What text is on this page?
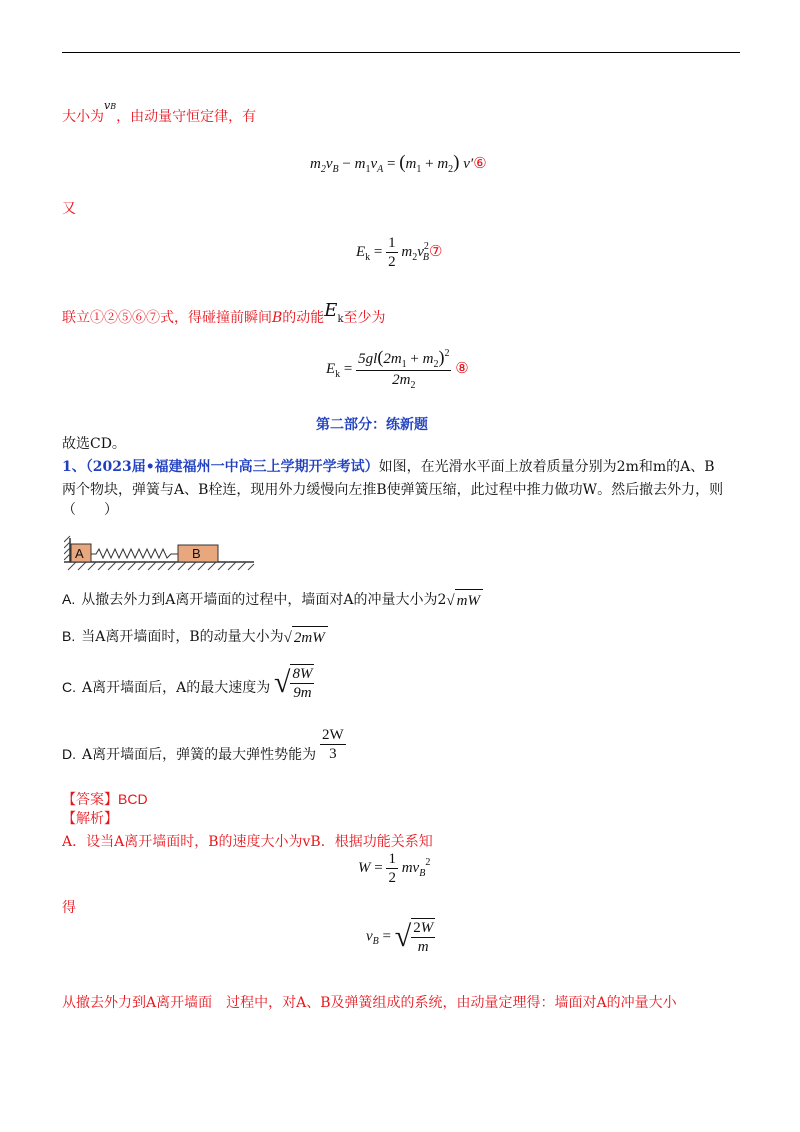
大小为$^{vB}$，由动量守恒定律，有
$m_2v_B - m_1v_A = (m_1 + m_2)$ v′⑥
又
$E_k = \frac{1}{2}$ $m_2v^2_B⑦$
联立①②⑤⑥⑦式，得碰撞前瞬间B的动能Ek至少为
$E_k = \frac{5gl(2m_1 + m_2)^2}{2m_2}$ ⑧
第二部分：练新题
故选CD。
1、（2023届•福建福州一中高三上学期开学考试）如图，在光滑水平面上放着质量分别为2m和m的A、B
两个物块，弹簧与A、B栓连，现用外力缓慢向左推B使弹簧压缩，此过程中推力做功W。然后撤去外力，则
（　　）
A	B
A. 从撤去外力到A离开墙面的过程中，墙面对A的冲量大小为2√ mW
B. 当A离开墙面时，B的动量大小为√ 2mW
C. A离开墙面后，A的最大速度为 √ $\frac{8W}{9m}$
D. A离开墙面后，弹簧的最大弹性势能为 $\frac{2W}{3}$
【答案】BCD
【解析】
A．设当A离开墙面时，B的速度大小为vB．根据功能关系知
$W = \frac{1}{2} mv_B^2$
得
$v_B$ = √ $\frac{2W}{m}$
从撤去外力到A离开墙面　过程中，对A、B及弹簧组成的系统，由动量定理得：墙面对A的冲量大小
